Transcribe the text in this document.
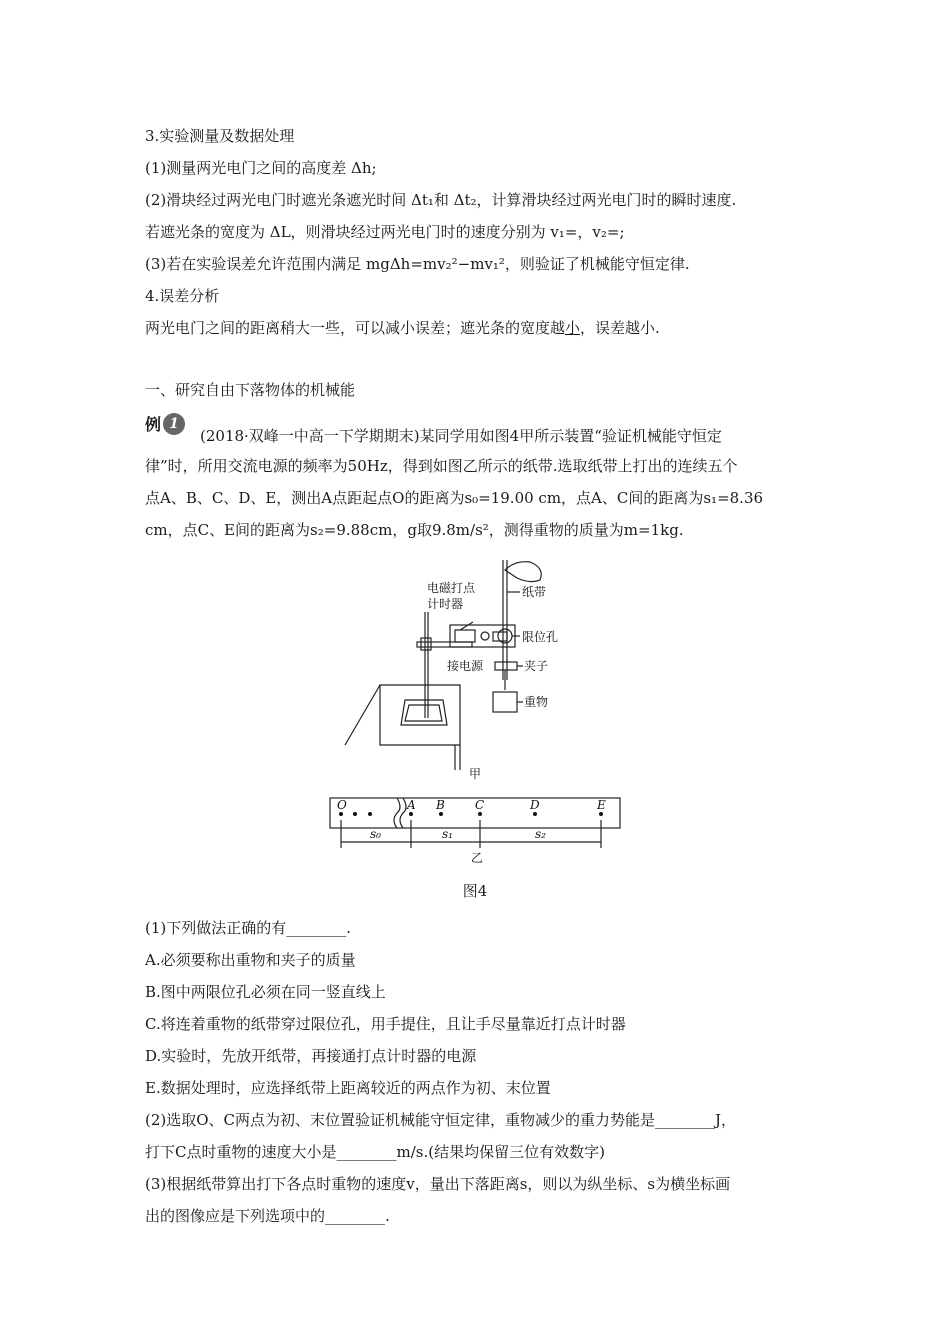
3.实验测量及数据处理
(1)测量两光电门之间的高度差 Δh;
(2)滑块经过两光电门时遮光条遮光时间 Δt₁和 Δt₂，计算滑块经过两光电门时的瞬时速度.
若遮光条的宽度为 ΔL，则滑块经过两光电门时的速度分别为 v₁=，v₂=;
(3)若在实验误差允许范围内满足 mgΔh=mv₂²−mv₁²，则验证了机械能守恒定律.
4.误差分析
两光电门之间的距离稍大一些，可以减小误差；遮光条的宽度越小，误差越小.
一、研究自由下落物体的机械能
例 1
(2018·双峰一中高一下学期期末)某同学用如图4甲所示装置“验证机械能守恒定
律”时，所用交流电源的频率为50Hz，得到如图乙所示的纸带.选取纸带上打出的连续五个
点A、B、C、D、E，测出A点距起点O的距离为s₀=19.00 cm，点A、C间的距离为s₁=8.36
cm，点C、E间的距离为s₂=9.88cm，g取9.8m/s²，测得重物的质量为m=1kg.
电磁打点
计时器
纸带
限位孔
接电源	夹子
重物
甲
O	A B	C	D	E
s₀	s₁	s₂
乙
图4
(1)下列做法正确的有________.
A.必须要称出重物和夹子的质量
B.图中两限位孔必须在同一竖直线上
C.将连着重物的纸带穿过限位孔，用手提住，且让手尽量靠近打点计时器
D.实验时，先放开纸带，再接通打点计时器的电源
E.数据处理时，应选择纸带上距离较近的两点作为初、末位置
(2)选取O、C两点为初、末位置验证机械能守恒定律，重物减少的重力势能是________J，
打下C点时重物的速度大小是________m/s.(结果均保留三位有效数字)
(3)根据纸带算出打下各点时重物的速度v，量出下落距离s，则以为纵坐标、s为横坐标画
出的图像应是下列选项中的________.
